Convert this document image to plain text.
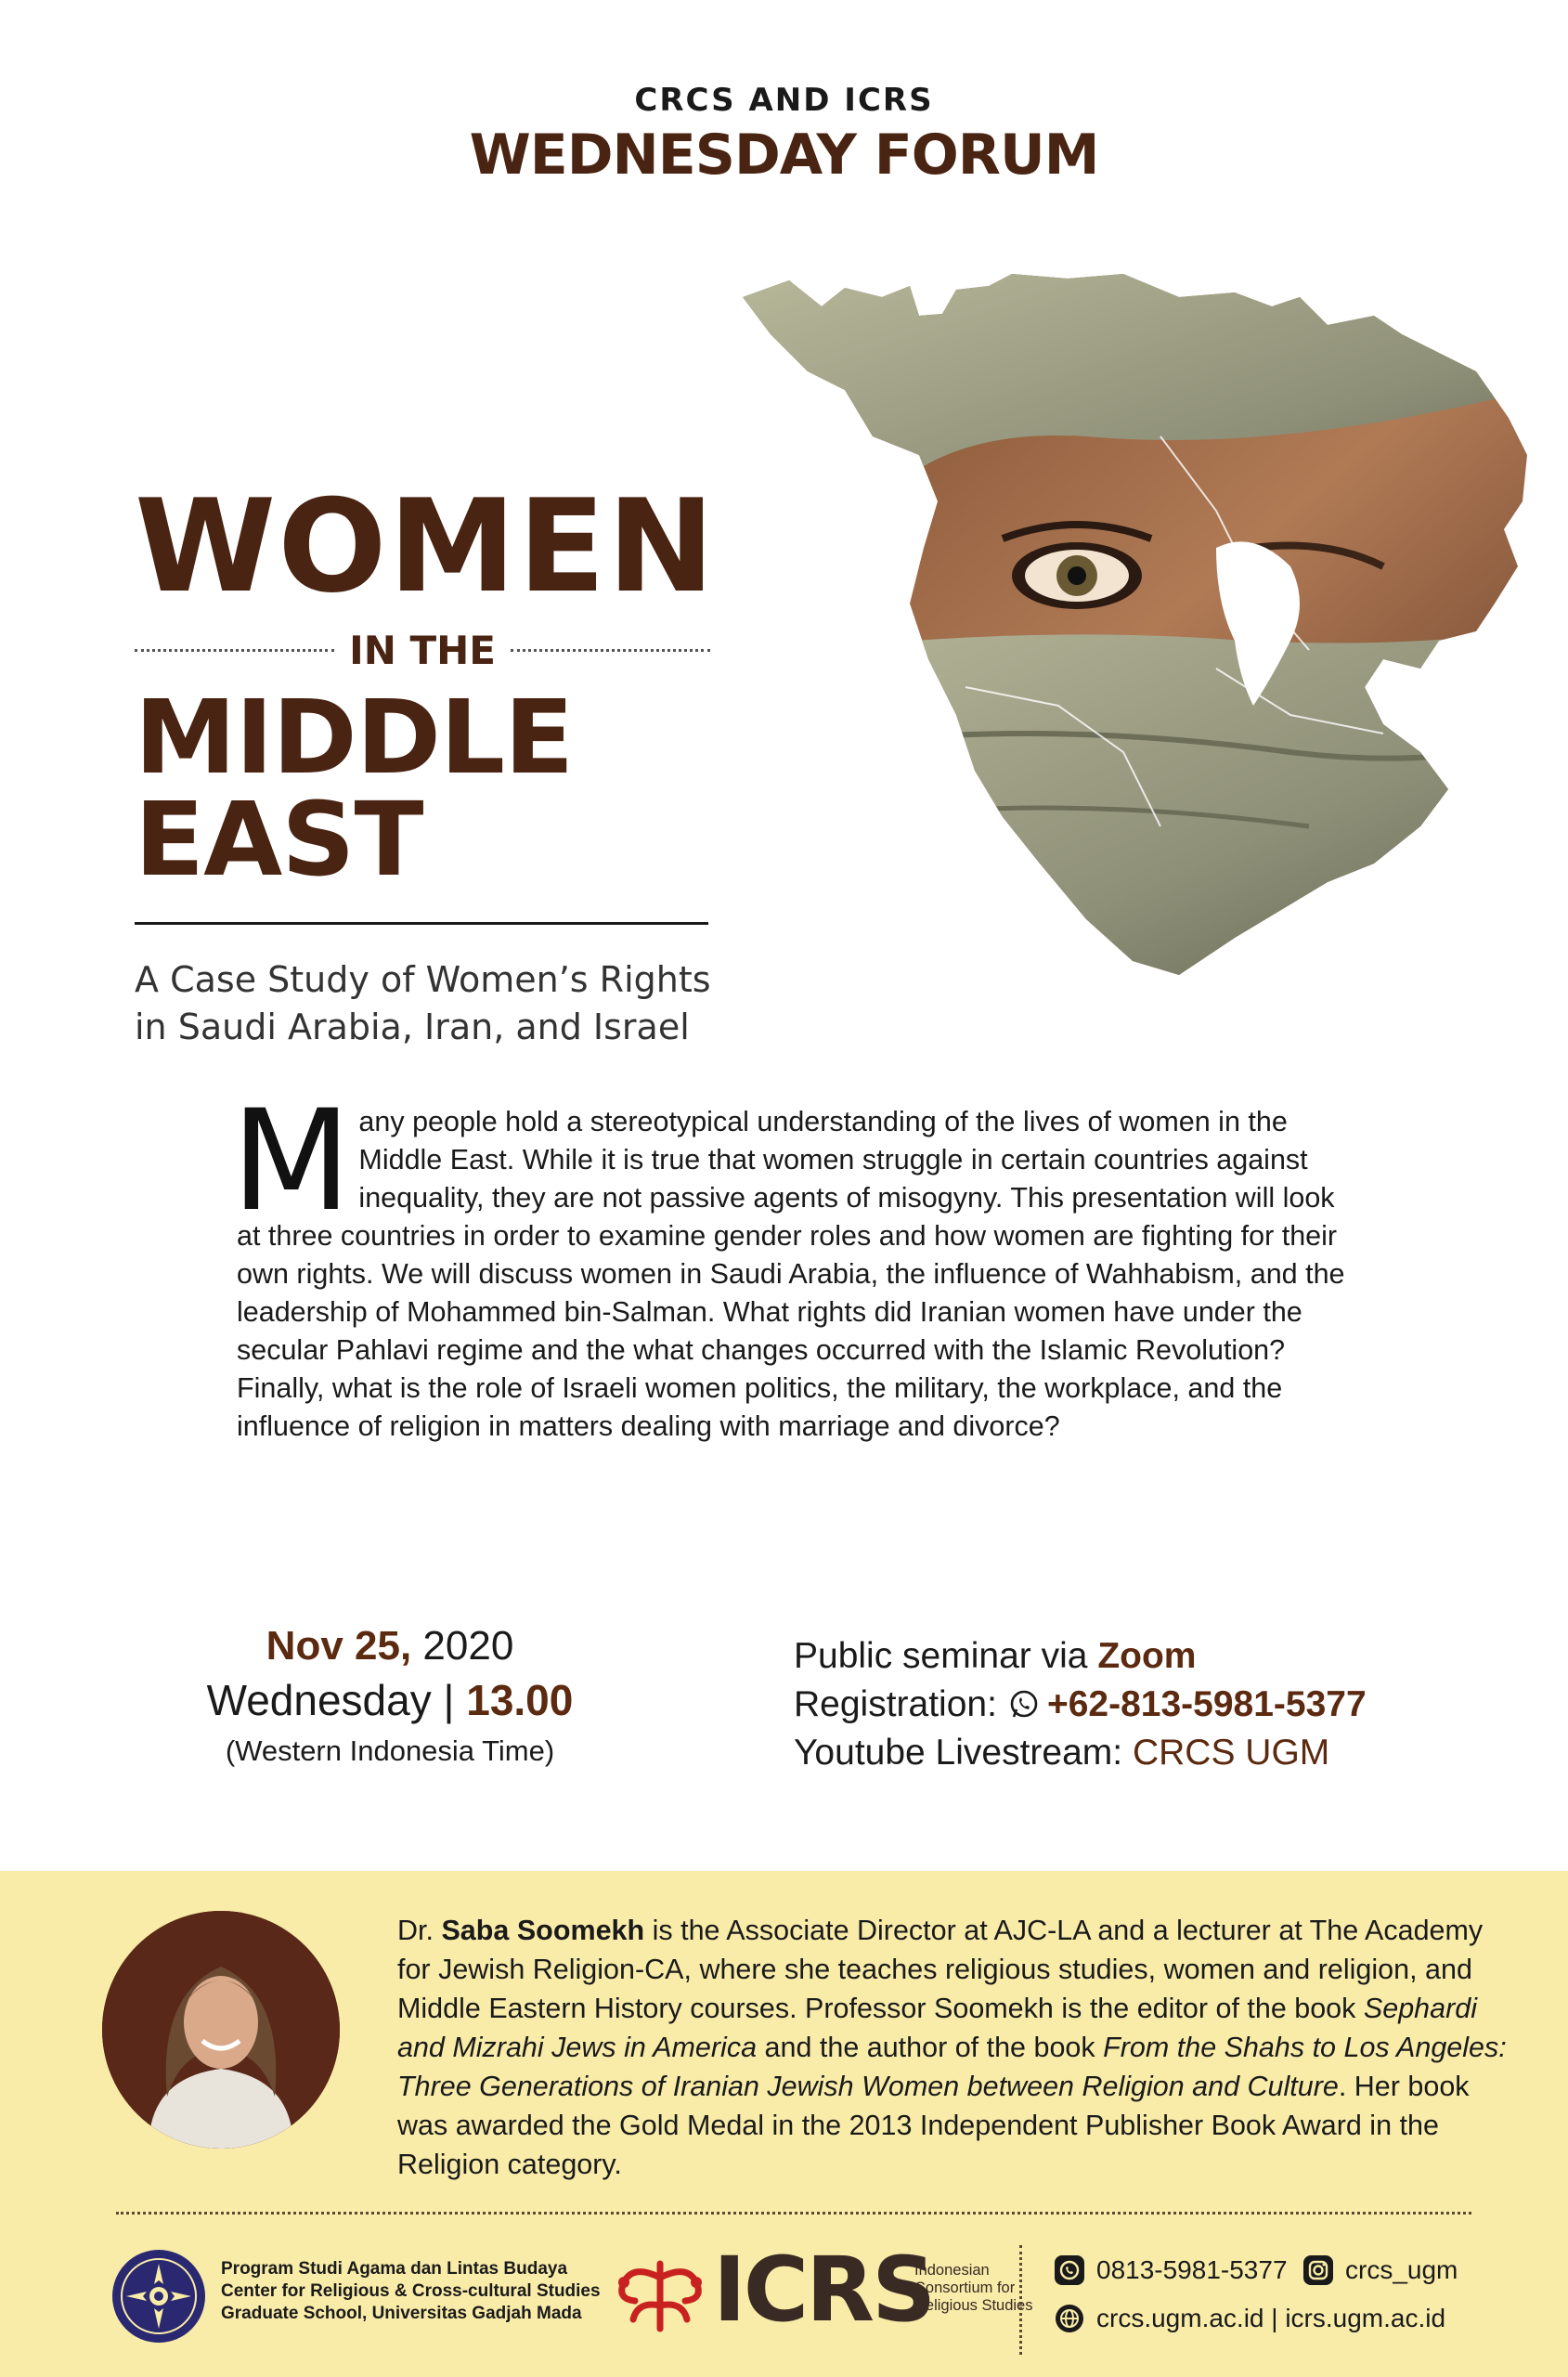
CRCS AND ICRS
WEDNESDAY FORUM
WOMEN
IN THE
MIDDLE EAST
A Case Study of Women’s Rights
in Saudi Arabia, Iran, and Israel
M any people hold a stereotypical understanding of the lives of women in the Middle East. While it is true that women struggle in certain countries against inequality, they are not passive agents of misogyny. This presentation will look at three countries in order to examine gender roles and how women are fighting for their own rights. We will discuss women in Saudi Arabia, the influence of Wahhabism, and the leadership of Mohammed bin-Salman. What rights did Iranian women have under the secular Pahlavi regime and the what changes occurred with the Islamic Revolution? Finally, what is the role of Israeli women politics, the military, the workplace, and the influence of religion in matters dealing with marriage and divorce?
Nov 25, 2020
Wednesday | 13.00
(Western Indonesia Time)
Public seminar via
Zoom
Registration: +62-813-5981-5377
Youtube Livestream:
CRCS UGM
Dr. Saba Soomekh is the Associate Director at AJC-LA and a lecturer at The Academy for Jewish Religion-CA, where she teaches religious studies, women and religion, and Middle Eastern History courses. Professor Soomekh is the editor of the book Sephardi and Mizrahi Jews in America and the author of the book From the Shahs to Los Angeles: Three Generations of Iranian Jewish Women between Religion and Culture. Her book was awarded the Gold Medal in the 2013 Independent Publisher Book Award in the Religion category.
Program Studi Agama dan Lintas Budaya
Center for Religious & Cross-cultural Studies
Graduate School, Universitas Gadjah Mada	ICRS
Indonesian Consortium for Religious Studies
0813-5981-5377 crcs_ugm
crcs.ugm.ac.id | icrs.ugm.ac.id
